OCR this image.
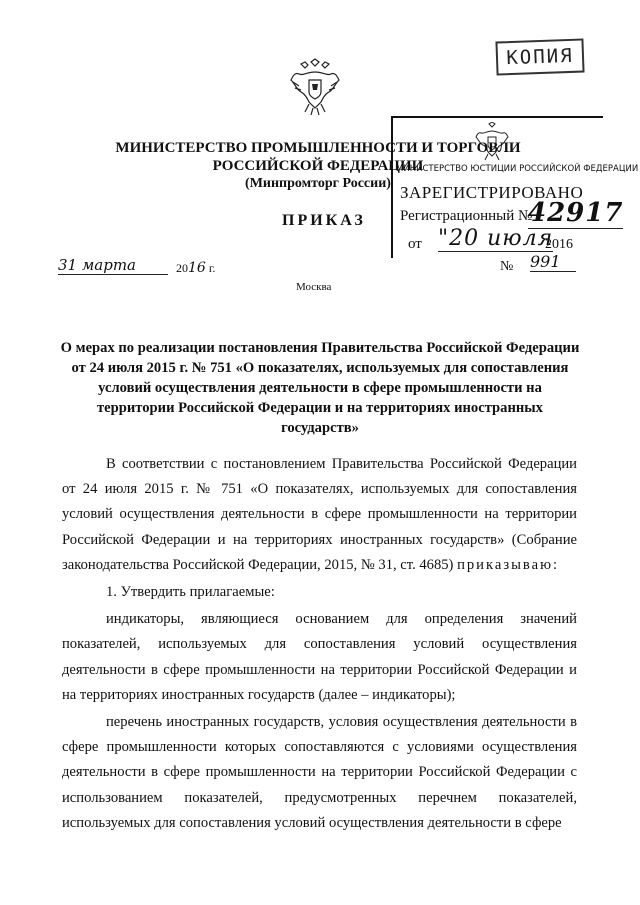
КОПИЯ
МИНИСТЕРСТВО ПРОМЫШЛЕННОСТИ И ТОРГОВЛИ
РОССИЙСКОЙ ФЕДЕРАЦИИ
(Минпромторг России)
МИНИСТЕРСТВО ЮСТИЦИИ РОССИЙСКОЙ ФЕДЕРАЦИИ
ЗАРЕГИСТРИРОВАНО
Регистрационный №
42917
от "20 июля
2016
ПРИКАЗ
31 марта	2016 г.	№ 991
Москва
О мерах по реализации постановления Правительства Российской Федерации от 24 июля 2015 г. № 751 «О показателях, используемых для сопоставления условий осуществления деятельности в сфере промышленности на территории Российской Федерации и на территориях иностранных государств»

В соответствии с постановлением Правительства Российской Федерации от 24 июля 2015 г. № 751 «О показателях, используемых для сопоставления условий осуществления деятельности в сфере промышленности на территории Российской Федерации и на территориях иностранных государств» (Собрание законодательства Российской Федерации, 2015, № 31, ст. 4685) приказываю:

1. Утвердить прилагаемые:

индикаторы, являющиеся основанием для определения значений показателей, используемых для сопоставления условий осуществления деятельности в сфере промышленности на территории Российской Федерации и на территориях иностранных государств (далее – индикаторы);

перечень иностранных государств, условия осуществления деятельности в сфере промышленности которых сопоставляются с условиями осуществления деятельности в сфере промышленности на территории Российской Федерации с использованием показателей, предусмотренных перечнем показателей, используемых для сопоставления условий осуществления деятельности в сфере
